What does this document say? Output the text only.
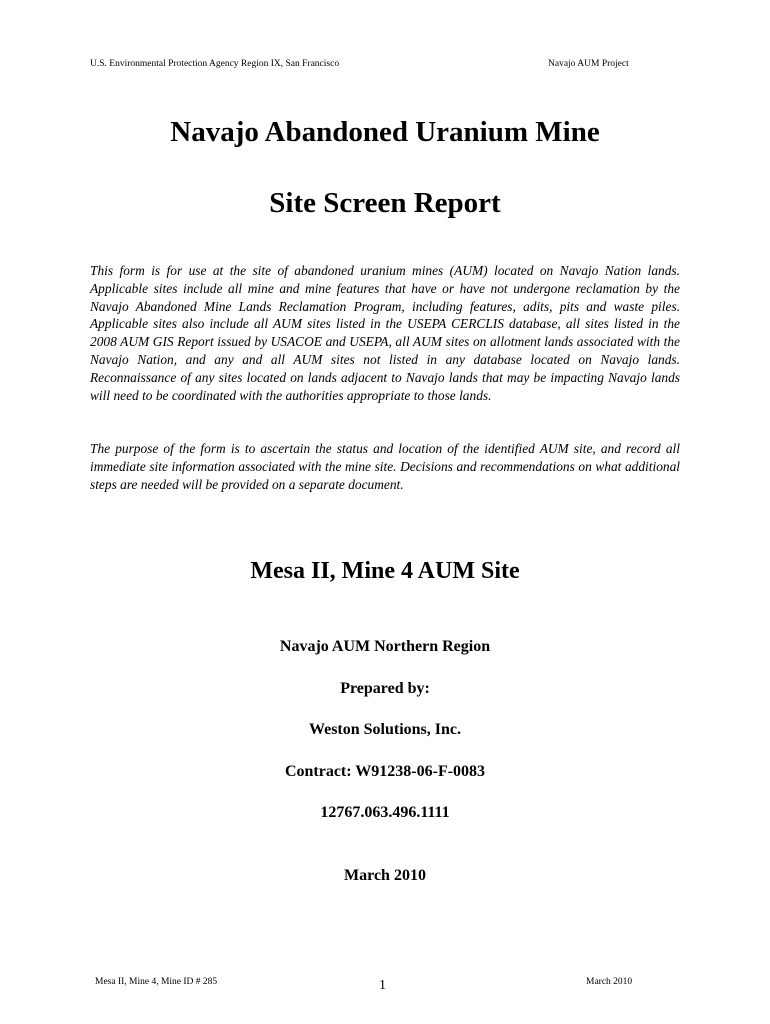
U.S. Environmental Protection Agency Region IX, San Francisco	Navajo AUM Project
Navajo Abandoned Uranium Mine
Site Screen Report

This form is for use at the site of abandoned uranium mines (AUM) located on Navajo Nation lands. Applicable sites include all mine and mine features that have or have not undergone reclamation by the Navajo Abandoned Mine Lands Reclamation Program, including features, adits, pits and waste piles. Applicable sites also include all AUM sites listed in the USEPA CERCLIS database, all sites listed in the 2008 AUM GIS Report issued by USACOE and USEPA, all AUM sites on allotment lands associated with the Navajo Nation, and any and all AUM sites not listed in any database located on Navajo lands. Reconnaissance of any sites located on lands adjacent to Navajo lands that may be impacting Navajo lands will need to be coordinated with the authorities appropriate to those lands.

The purpose of the form is to ascertain the status and location of the identified AUM site, and record all immediate site information associated with the mine site. Decisions and recommendations on what additional steps are needed will be provided on a separate document.

Mesa II, Mine 4 AUM Site
Navajo AUM Northern Region
Prepared by:
Weston Solutions, Inc.
Contract: W91238-06-F-0083
12767.063.496.1111
March 2010
Mesa II, Mine 4, Mine ID # 285	1	March 2010
